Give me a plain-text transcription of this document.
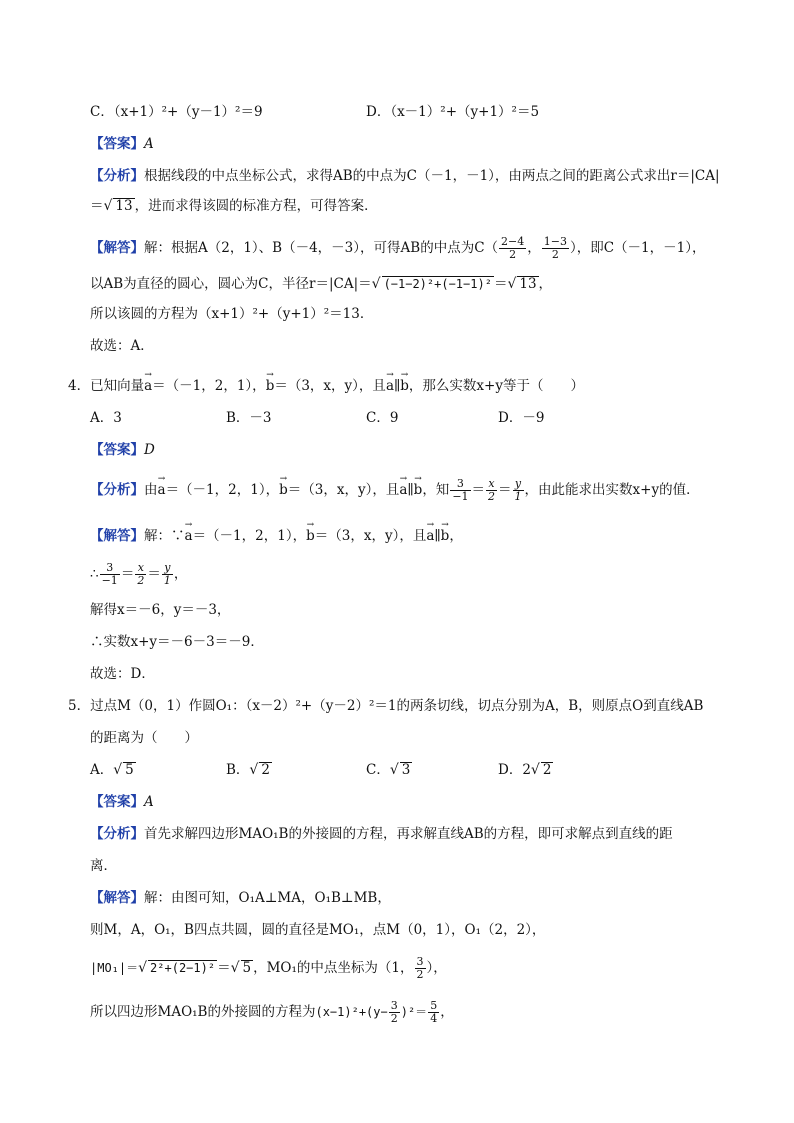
C．（x+1）²+（y－1）²＝9	D．（x－1）²+（y+1）²＝5
【答案】A
【分析】根据线段的中点坐标公式，求得AB的中点为C（－1，－1），由两点之间的距离公式求出r＝|CA|
＝√ 13 ，进而求得该圆的标准方程，可得答案．
【解答】解：根据A（2，1）、B（－4，－3），可得AB的中点为$C( \frac{2-4}{2}$ ， $\frac{1-3}{2}$ ），即C（－1，－1），
以AB为直径的圆心，圆心为C，半径r＝|CA|＝√ (−1−2)²+(−1−1)² ＝√ 13 ，
所以该圆的方程为（x+1）²+（y+1）²＝13．
故选：A．
4．已知向量→ a＝（－1，2，1），→ b＝（3，x，y），且→ a∥→ b，那么实数x+y等于（　　）
A．3	B．－3	C．9	D．－9
【答案】D
【分析】由→ a＝（－1，2，1），→ b＝（3，x，y），且→ a∥→ b，知 $\frac{3}{-1} = \frac{x}{2} = \frac{y}{1}$ ，由此能求出实数x+y的值．
【解答】解：∵→ a＝（－1，2，1），→ b＝（3，x，y），且→ a∥→ b，
∴ $\frac{3}{-1} = \frac{x}{2} = \frac{y}{1}$ ，
解得x＝－6，y＝－3，
∴实数x+y＝－6－3＝－9．
故选：D．
5．过点M（0，1）作圆O₁：（x－2）²+（y－2）²＝1的两条切线，切点分别为A，B，则原点O到直线AB
的距离为（　　）
A．√ 5	B．√ 2	C．√ 3	D．2√ 2
【答案】A
【分析】首先求解四边形MAO₁B的外接圆的方程，再求解直线AB的方程，即可求解点到直线的距
离．
【解答】解：由图可知，O₁A⊥MA，O₁B⊥MB，
则M，A，O₁，B四点共圆，圆的直径是MO₁，点M（0，1），O₁（2，2），
|MO₁|＝√ 2²+(2−1)² ＝√ 5 ，MO₁的中点坐标为（1， $\frac{3}{2}$ ），
所以四边形MAO₁B的外接圆的方程为$(x-1)^2+(y- \frac{3}{2} )^2= \frac{5}{4}$ ，
